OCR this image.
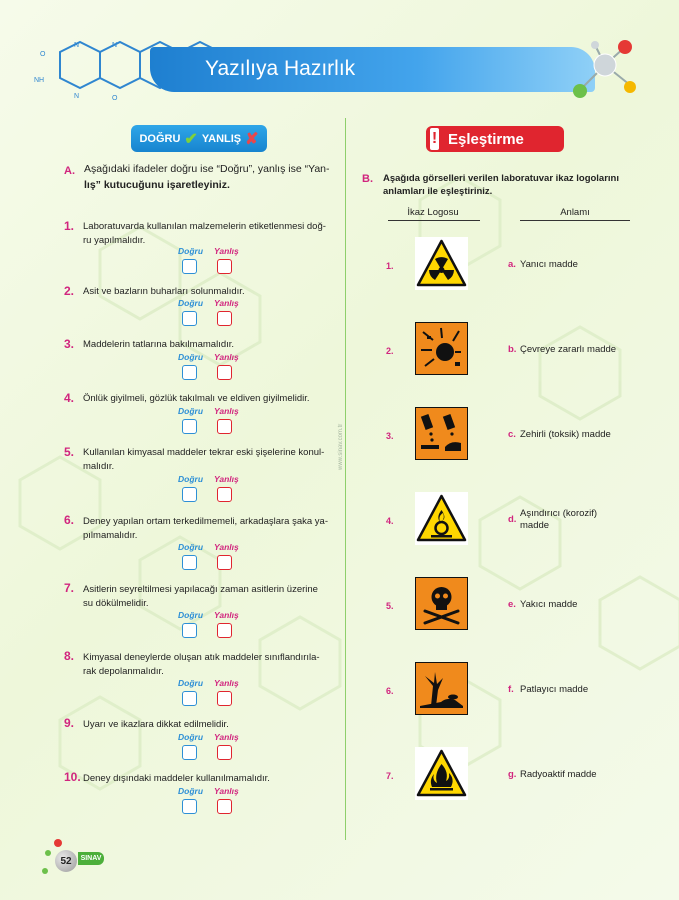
N	N
N	O
O
NH
Yazılıya Hazırlık
www.sinav.com.tr
DOĞRU ✔ YANLIŞ ✘	! Eşleştirme
A. Aşağıdaki ifadeler doğru ise “Doğru”, yanlış ise “Yan-
lış” kutucuğunu işaretleyiniz.
1. Laboratuvarda kullanılan malzemelerin etiketlenmesi doğ-
ru yapılmalıdır.
Doğru Yanlış
2. Asit ve bazların buharları solunmalıdır.
Doğru Yanlış
3. Maddelerin tatlarına bakılmamalıdır.
Doğru Yanlış
4. Önlük giyilmeli, gözlük takılmalı ve eldiven giyilmelidir.
Doğru Yanlış
5. Kullanılan kimyasal maddeler tekrar eski şişelerine konul-
malıdır.
Doğru Yanlış
6. Deney yapılan ortam terkedilmemeli, arkadaşlara şaka ya-
pılmamalıdır.
Doğru Yanlış
7. Asitlerin seyreltilmesi yapılacağı zaman asitlerin üzerine
su dökülmelidir.
Doğru Yanlış
8. Kimyasal deneylerde oluşan atık maddeler sınıflandırıla-
rak depolanmalıdır.
Doğru Yanlış
9. Uyarı ve ikazlara dikkat edilmelidir.
Doğru Yanlış
10. Deney dışındaki maddeler kullanılmamalıdır.
Doğru Yanlış
B. Aşağıda görselleri verilen laboratuvar ikaz logolarını
anlamları ile eşleştiriniz.
İkaz Logosu	Anlamı
1.
2.
3.
4.
5.
6.
7.
a. Yanıcı madde
b. Çevreye zararlı madde
c. Zehirli (toksik) madde
d.
Aşındırıcı (korozif)
madde
e. Yakıcı madde
f. Patlayıcı madde
g. Radyoaktif madde
52	SINAV
